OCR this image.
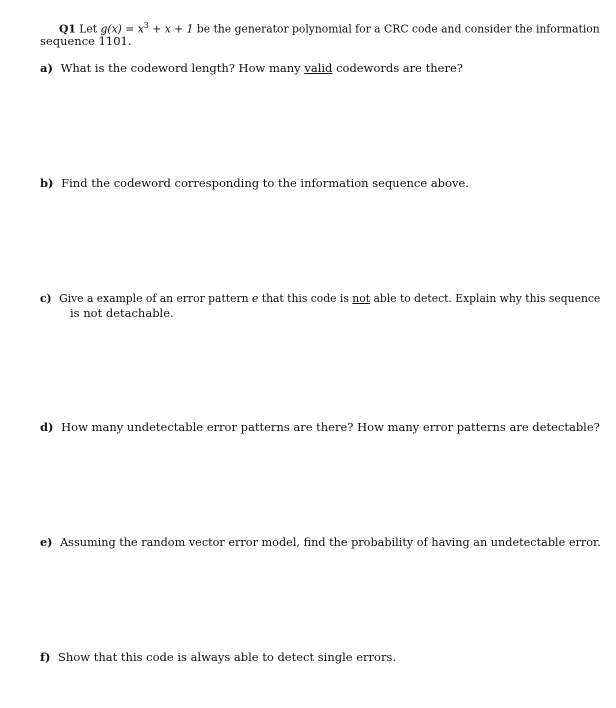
Q1 Let $g(x) = x^3 + x + 1$ be the generator polynomial for a CRC code and consider the information
sequence 1101.
a) What is the codeword length? How many valid codewords are there?
b) Find the codeword corresponding to the information sequence above.
c) Give a example of an error pattern e that this code is not able to detect. Explain why this sequence
is not detachable.
d) How many undetectable error patterns are there? How many error patterns are detectable?
e) Assuming the random vector error model, find the probability of having an undetectable error.
f) Show that this code is always able to detect single errors.
